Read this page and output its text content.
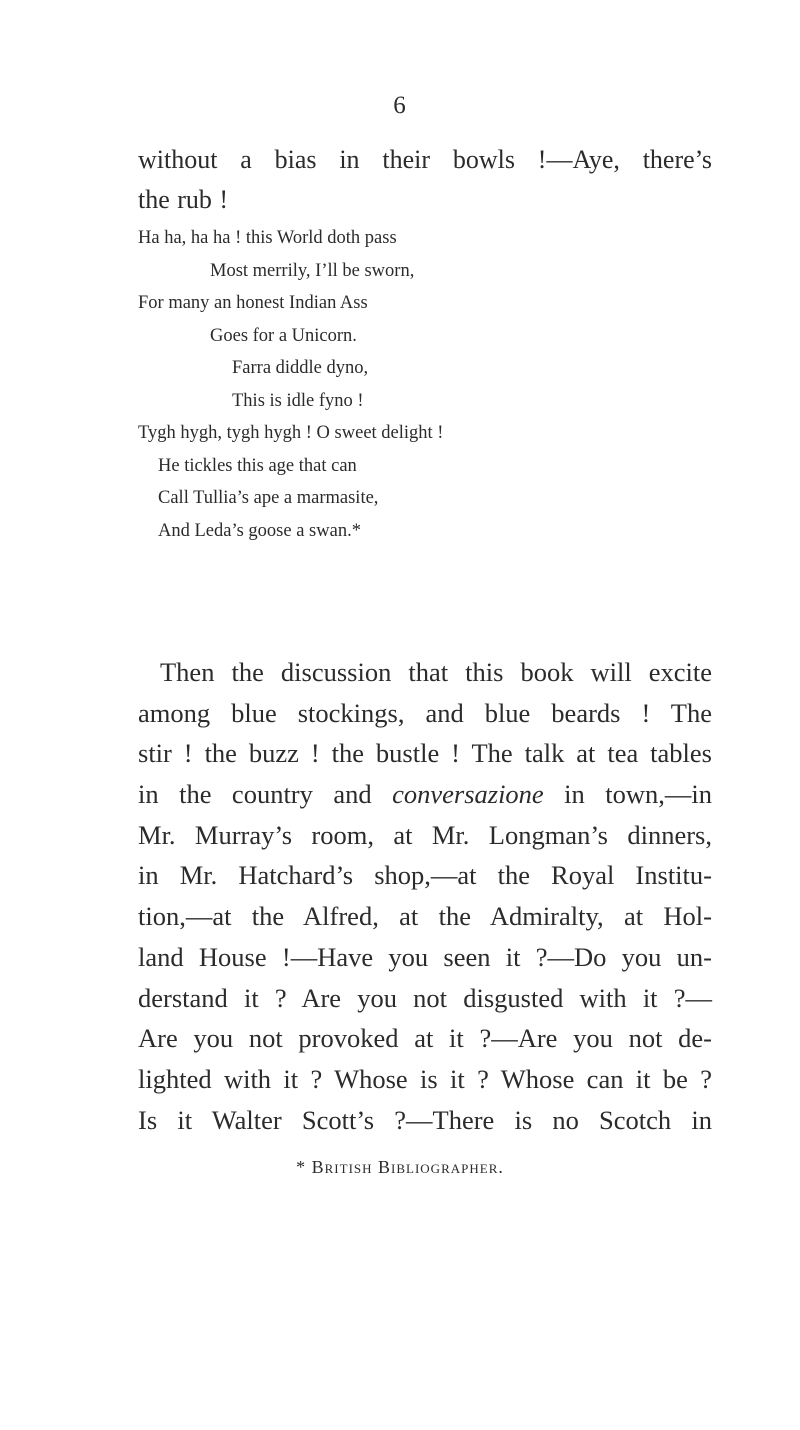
6
without a bias in their bowls !—Aye, there’s
the rub !
Ha ha, ha ha ! this World doth pass
Most merrily, I’ll be sworn,
For many an honest Indian Ass
Goes for a Unicorn.
Farra diddle dyno,
This is idle fyno !
Tygh hygh, tygh hygh ! O sweet delight !
He tickles this age that can
Call Tullia’s ape a marmasite,
And Leda’s goose a swan.*
Then the discussion that this book will excite
among blue stockings, and blue beards ! The
stir ! the buzz ! the bustle ! The talk at tea tables
in the country and conversazione in town,—in
Mr. Murray’s room, at Mr. Longman’s dinners,
in Mr. Hatchard’s shop,—at the Royal Institu-
tion,—at the Alfred, at the Admiralty, at Hol-
land House !—Have you seen it ?—Do you un-
derstand it ? Are you not disgusted with it ?—
Are you not provoked at it ?—Are you not de-
lighted with it ? Whose is it ? Whose can it be ?
Is it Walter Scott’s ?—There is no Scotch in
* British Bibliographer.
